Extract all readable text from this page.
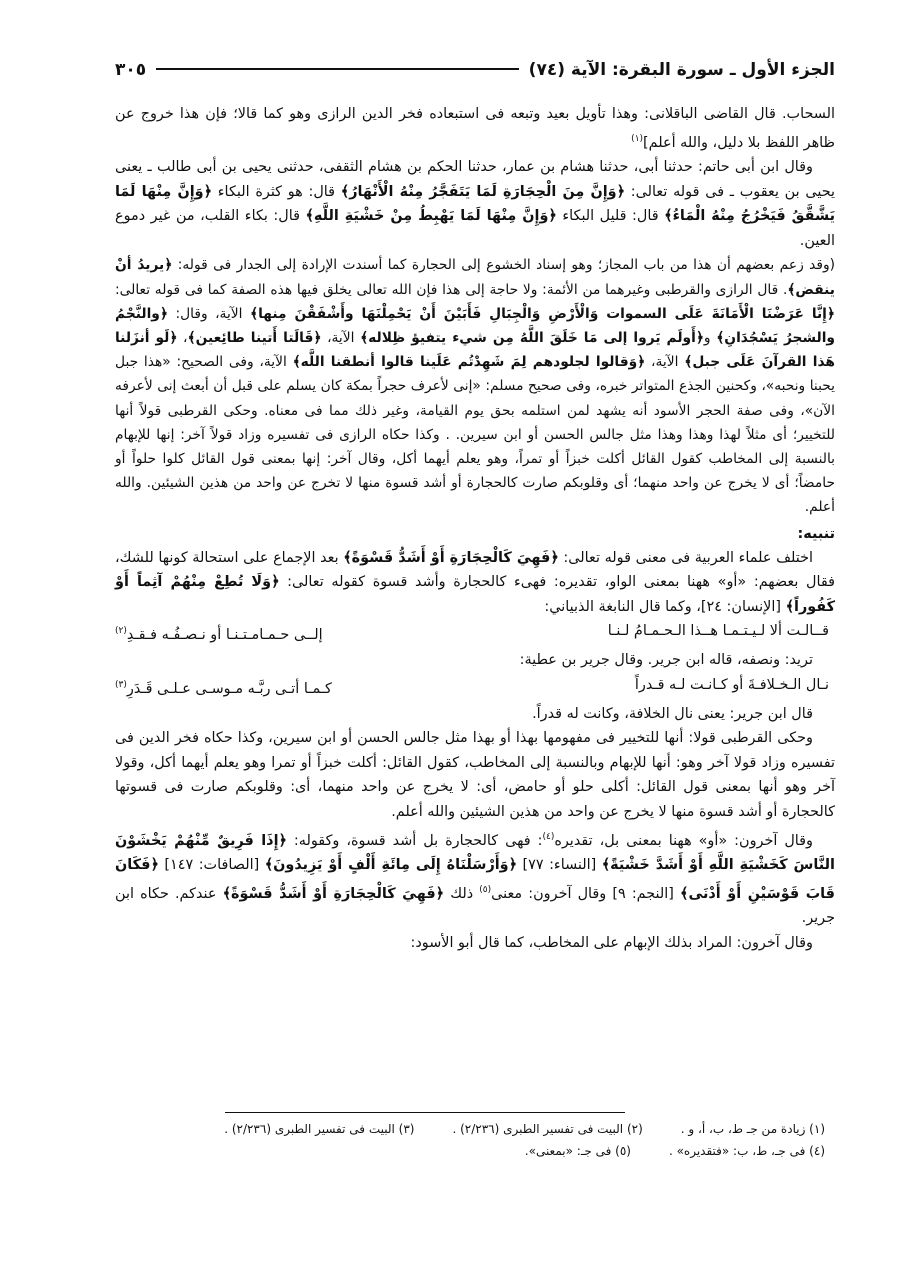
الجزء الأول ـ سورة البقرة: الآية (٧٤)
٣٠٥

السحاب. قال القاضى الباقلانى: وهذا تأويل بعيد وتبعه فى استبعاده فخر الدين الرازى وهو كما قالا؛ فإن هذا خروج عن ظاهر اللفظ بلا دليل، والله أعلم]$^{(١)}$

وقال ابن أبى حاتم: حدثنا أبى، حدثنا هشام بن عمار، حدثنا الحكم بن هشام الثقفى، حدثنى يحيى بن أبى طالب ـ يعنى يحيى بن يعقوب ـ فى قوله تعالى: ﴿وَإِنَّ مِنَ الْحِجَارَةِ لَمَا يَتَفَجَّرُ مِنْهُ الْأَنْهَارُ﴾ قال: هو كثرة البكاء ﴿وَإِنَّ مِنْهَا لَمَا يَشَّقَّقُ فَيَخْرُجُ مِنْهُ الْمَاءُ﴾ قال: قليل البكاء ﴿وَإِنَّ مِنْهَا لَمَا يَهْبِطُ مِنْ خَشْيَةِ اللَّهِ﴾ قال: بكاء القلب، من غير دموع العين.

(وقد زعم بعضهم أن هذا من باب المجاز؛ وهو إسناد الخشوع إلى الحجارة كما أسندت الإرادة إلى الجدار فى قوله: ﴿يريدُ أنْ ينقض﴾. قال الرازى والقرطبى وغيرهما من الأئمة: ولا حاجة إلى هذا فإن الله تعالى يخلق فيها هذه الصفة كما فى قوله تعالى: ﴿إِنَّا عَرَضْنَا الْأَمَانَةَ عَلَى السموات وَالْأَرْضِ وَالْجِبَالِ فَأَبَيْنَ أَنْ يَحْمِلْنَهَا وأَشْفَقْنَ مِنها﴾ الآية، وقال: ﴿والنَّجْمُ والشجرُ يَسْجُدَانِ﴾ و﴿أَولَم يَروا إلى مَا خَلَقَ اللَّهُ مِن شيء يتفيؤ ظِلاله﴾ الآية، ﴿قَالَتا أَتينا طائِعين﴾، ﴿لَو أنزَلنا هَذا القرآنَ عَلَى جبل﴾ الآية، ﴿وَقالوا لجلودهم لِمَ شَهِدْتُم عَلَينا قالوا أنطقنا اللَّه﴾ الآية، وفى الصحيح: «هذا جبل يحبنا ونحبه»، وكحنين الجذع المتواتر خبره، وفى صحيح مسلم: «إنى لأعرف حجراً بمكة كان يسلم على قبل أن أبعث إنى لأعرفه الآن»، وفى صفة الحجر الأسود أنه يشهد لمن استلمه بحق يوم القيامة، وغير ذلك مما فى معناه. وحكى القرطبى قولاً أنها للتخيير؛ أى مثلاً لهذا وهذا وهذا مثل جالس الحسن أو ابن سيرين. . وكذا حكاه الرازى فى تفسيره وزاد قولاً آخر: إنها للإبهام بالنسبة إلى المخاطب كقول القائل أكلت خبزاً أو تمراً، وهو يعلم أيهما أكل، وقال آخر: إنها بمعنى قول القائل كلوا حلواً أو حامضاً؛ أى لا يخرج عن واحد منهما؛ أى وقلوبكم صارت كالحجارة أو أشد قسوة منها لا تخرج عن واحد من هذين الشيئين. والله أعلم.

تنبيه:

اختلف علماء العربية فى معنى قوله تعالى: ﴿فَهِيَ كَالْحِجَارَةِ أَوْ أَشَدُّ قَسْوَةً﴾ بعد الإجماع على استحالة كونها للشك، فقال بعضهم: «أو» ههنا بمعنى الواو، تقديره: فهىء كالحجارة وأشد قسوة كقوله تعالى: ﴿وَلَا تُطِعْ مِنْهُمْ آثِماً أَوْ كَفُوراً﴾ [الإنسان: ٢٤]، وكما قال النابغة الذبياني:

قــالـت ألا لـيـتـمـا هــذا الـحـمـامُ لـنـا
إلــى حـمـامـتـنـا أو نـصـفُـه فـقـدِ$^{(٢)}$

تريد: ونصفه، قاله ابن جرير. وقال جرير بن عطية:

نـال الـخـلافـةَ أو كـانـت لـه قـدراً
كـمـا أتـى ربَّـه مـوسـى عـلـى قَـدَرِ$^{(٣)}$

قال ابن جرير: يعنى نال الخلافة، وكانت له قدراً.

وحكى القرطبى قولا: أنها للتخيير فى مفهومها بهذا أو بهذا مثل جالس الحسن أو ابن سيرين، وكذا حكاه فخر الدين فى تفسيره وزاد قولا آخر وهو: أنها للإبهام وبالنسبة إلى المخاطب، كقول القائل: أكلت خبزاً أو تمرا وهو يعلم أيهما أكل، وقولا آخر وهو أنها بمعنى قول القائل: أكلى حلو أو حامض، أى: لا يخرج عن واحد منهما، أى: وقلوبكم صارت فى قسوتها كالحجارة أو أشد قسوة منها لا يخرج عن واحد من هذين الشيئين والله أعلم.

وقال آخرون: «أو» ههنا بمعنى بل، تقديره$^{(٤)}$: فهى كالحجارة بل أشد قسوة، وكقوله: ﴿إِذَا فَرِيقٌ مِّنْهُمْ يَخْشَوْنَ النَّاسَ كَخَشْيَةِ اللَّهِ أَوْ أَشَدَّ خَشْيَةً﴾ [النساء: ٧٧] ﴿وَأَرْسَلْنَاهُ إِلَى مِائَةِ أَلْفٍ أَوْ يَزِيدُونَ﴾ [الصافات: ١٤٧] ﴿فَكَانَ قَابَ قَوْسَيْنِ أَوْ أَدْنَى﴾ [النجم: ٩] وقال آخرون: معنى$^{(٥)}$ ذلك ﴿فَهِيَ كَالْحِجَارَةِ أَوْ أَشَدُّ قَسْوَةً﴾ عندكم. حكاه ابن جرير.

وقال آخرون: المراد بذلك الإبهام على المخاطب، كما قال أبو الأسود:

(١) زيادة من جـ ط، ب، أ، و .
(٢) البيت فى تفسير الطبرى (٢/٢٣٦) .
(٣) البيت فى تفسير الطبرى (٢/٢٣٦) .
(٤) فى جـ، ط، ب: «فتقديره» .
(٥) فى جـ: «بمعنى».
